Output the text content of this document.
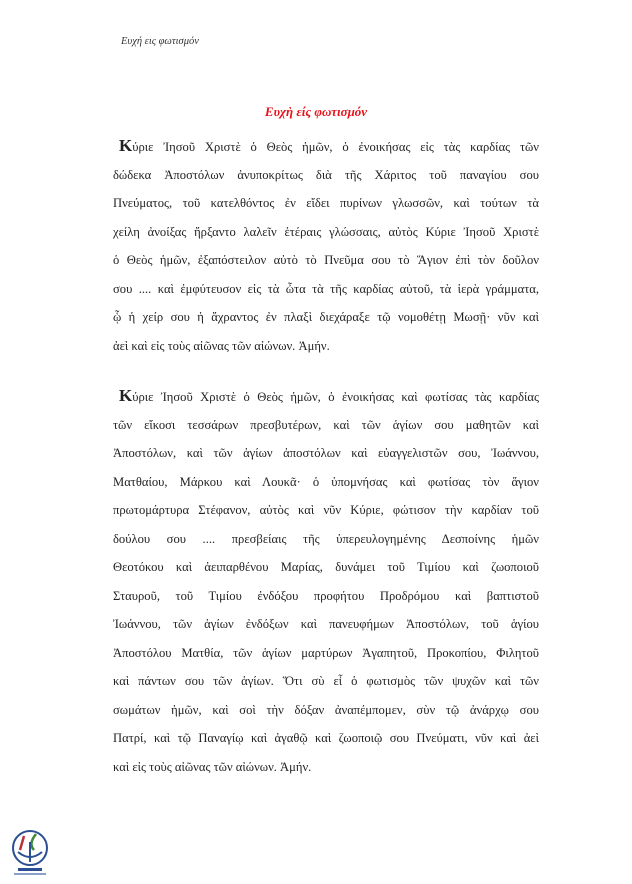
Ευχή εις φωτισμόν
Ευχὴ είς φωτισμόν
Kύριε Ἰησοῦ Χριστὲ ὁ Θεὸς ἡμῶν, ὁ ἐνοικήσας εἰς τὰς καρδίας τῶν
δώδεκα Ἀποστόλων ἀνυποκρίτως διὰ τῆς Χάριτος τοῦ παναγίου σου
Πνεύματος, τοῦ κατελθόντος ἐν εἴδει πυρίνων γλωσσῶν, καὶ τούτων τὰ
χείλη ἀνοίξας ἤρξαντο λαλεῖν ἑτέραις γλώσσαις, αὐτὸς Κύριε Ἰησοῦ Χριστὲ
ὁ Θεὸς ἡμῶν, ἐξαπόστειλον αὐτὸ τὸ Πνεῦμα σου τὸ Ἅγιον ἐπὶ τὸν δοῦλον
σου .... καὶ ἐμφύτευσον εἰς τὰ ὦτα τὰ τῆς καρδίας αὐτοῦ, τὰ ἱερὰ γράμματα,
ᾧ ἡ χείρ σου ἡ ἄχραντος ἐν πλαξὶ διεχάραξε τῷ νομοθέτῃ Μωσῇ· νῦν καὶ
ἀεὶ καὶ εἰς τοὺς αἰῶνας τῶν αἰώνων. Ἀμήν.
Kύριε Ἰησοῦ Χριστὲ ὁ Θεὸς ἡμῶν, ὁ ἐνοικήσας καὶ φωτίσας τὰς καρδίας
τῶν εἴκοσι τεσσάρων πρεσβυτέρων, καὶ τῶν ἁγίων σου μαθητῶν καὶ
Ἀποστόλων, καὶ τῶν ἁγίων ἀποστόλων καὶ εὐαγγελιστῶν σου, Ἰωάννου,
Ματθαίου, Μάρκου καὶ Λουκᾶ· ὁ ὑπομνήσας καὶ φωτίσας τὸν ἅγιον
πρωτομάρτυρα Στέφανον, αὐτὸς καὶ νῦν Κύριε, φώτισον τὴν καρδίαν τοῦ
δούλου σου .... πρεσβείαις τῆς ὑπερευλογημένης Δεσποίνης ἡμῶν
Θεοτόκου καὶ ἀειπαρθένου Μαρίας, δυνάμει τοῦ Τιμίου καὶ ζωοποιοῦ
Σταυροῦ, τοῦ Τιμίου ἐνδόξου προφήτου Προδρόμου καὶ βαπτιστοῦ
Ἰωάννου, τῶν ἁγίων ἐνδόξων καὶ πανευφήμων Ἀποστόλων, τοῦ ἁγίου
Ἀποστόλου Ματθία, τῶν ἁγίων μαρτύρων Ἀγαπητοῦ, Προκοπίου, Φιλητοῦ
καὶ πάντων σου τῶν ἁγίων. Ὅτι σὺ εἶ ὁ φωτισμὸς τῶν ψυχῶν καὶ τῶν
σωμάτων ἡμῶν, καὶ σοὶ τὴν δόξαν ἀναπέμπομεν, σὺν τῷ ἀνάρχῳ σου
Πατρί, καὶ τῷ Παναγίῳ καὶ ἀγαθῷ καὶ ζωοποιῷ σου Πνεύματι, νῦν καὶ ἀεὶ
καὶ εἰς τοὺς αἰῶνας τῶν αἰώνων. Ἀμήν.
